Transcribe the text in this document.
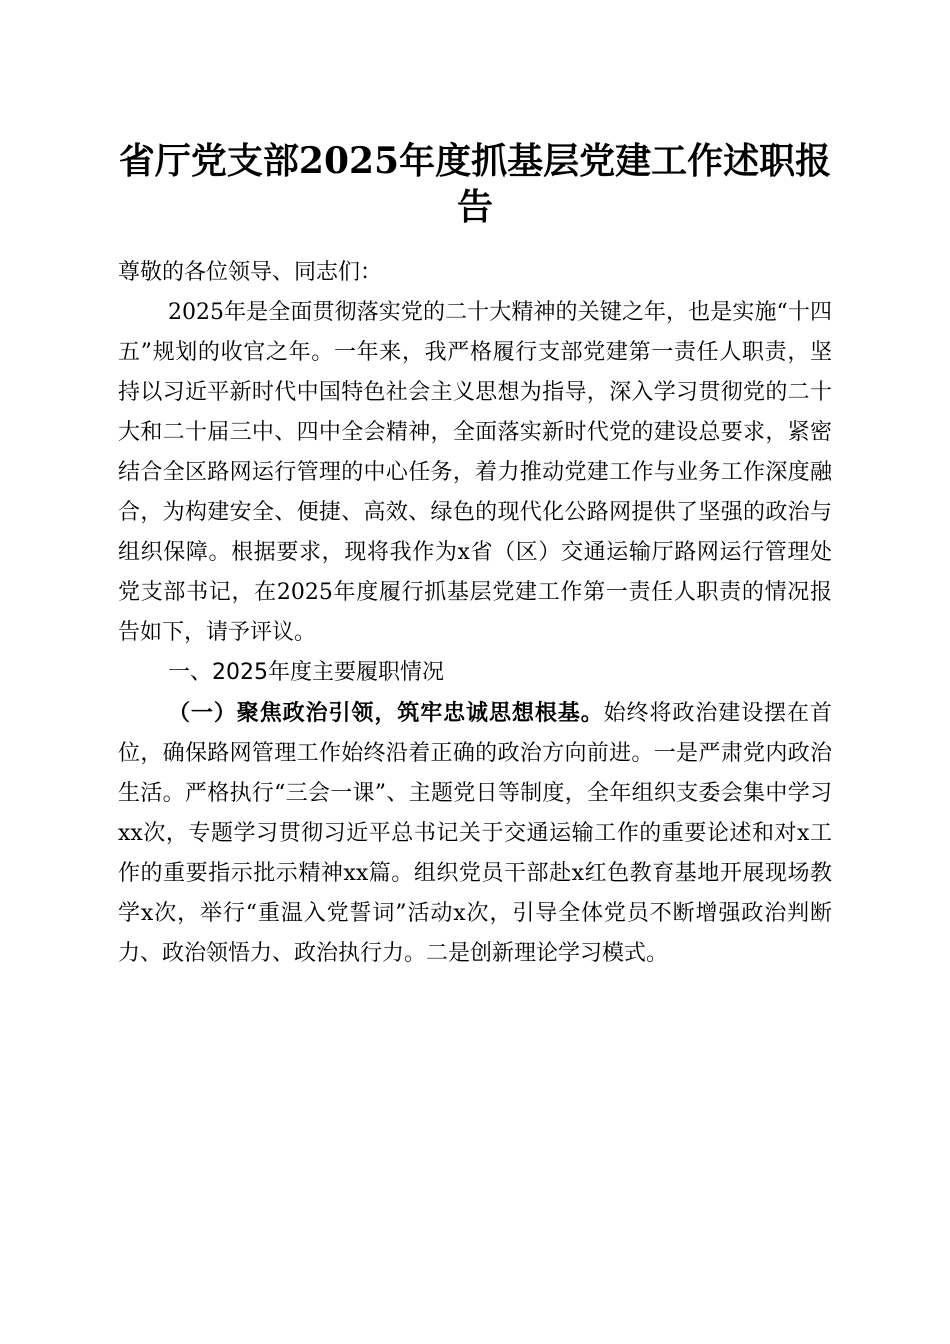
省厅党支部2025年度抓基层党建工作述职报告

尊敬的各位领导、同志们：

2025年是全面贯彻落实党的二十大精神的关键之年，也是实施“十四五”规划的收官之年。一年来，我严格履行支部党建第一责任人职责，坚持以习近平新时代中国特色社会主义思想为指导，深入学习贯彻党的二十大和二十届三中、四中全会精神，全面落实新时代党的建设总要求，紧密结合全区路网运行管理的中心任务，着力推动党建工作与业务工作深度融合，为构建安全、便捷、高效、绿色的现代化公路网提供了坚强的政治与组织保障。根据要求，现将我作为x省（区）交通运输厅路网运行管理处党支部书记，在2025年度履行抓基层党建工作第一责任人职责的情况报告如下，请予评议。

一、2025年度主要履职情况

（一）聚焦政治引领，筑牢忠诚思想根基。始终将政治建设摆在首位，确保路网管理工作始终沿着正确的政治方向前进。一是严肃党内政治生活。严格执行“三会一课”、主题党日等制度，全年组织支委会集中学习xx次，专题学习贯彻习近平总书记关于交通运输工作的重要论述和对x工作的重要指示批示精神xx篇。组织党员干部赴x红色教育基地开展现场教学x次，举行“重温入党誓词”活动x次，引导全体党员不断增强政治判断力、政治领悟力、政治执行力。二是创新理论学习模式。
